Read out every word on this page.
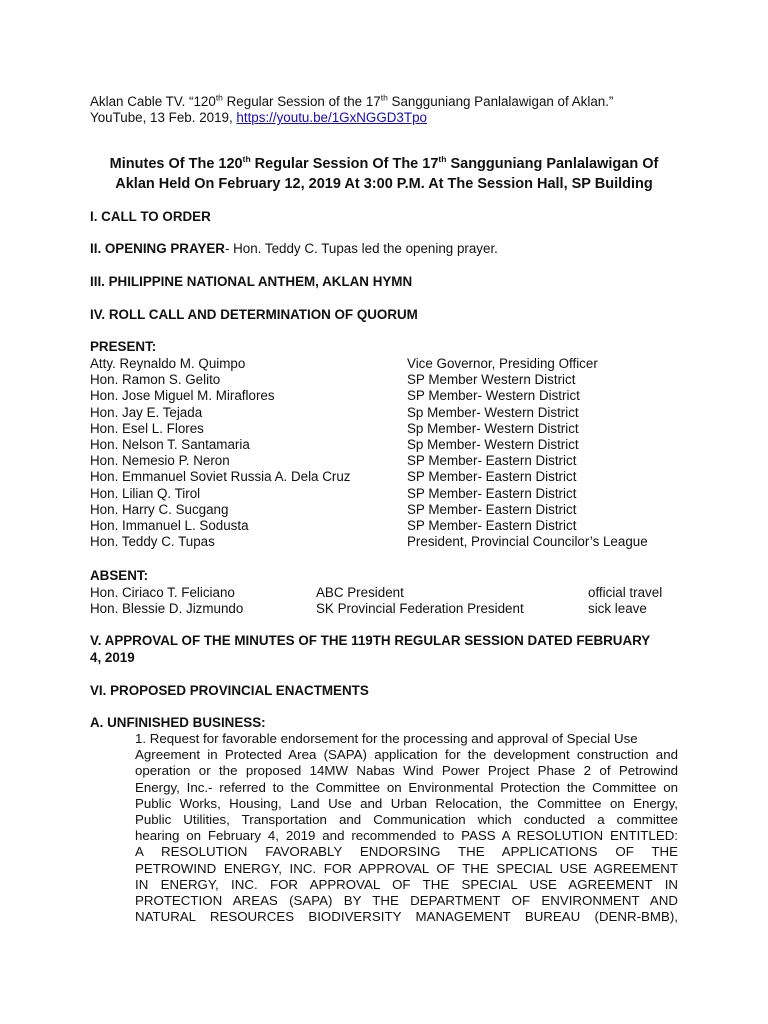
Aklan Cable TV. “120th Regular Session of the 17th Sangguniang Panlalawigan of Aklan.”
YouTube, 13 Feb. 2019, https://youtu.be/1GxNGGD3Tpo
Minutes Of The 120th Regular Session Of The 17th Sangguniang Panlalawigan Of
Aklan Held On February 12, 2019 At 3:00 P.M. At The Session Hall, SP Building
I. CALL TO ORDER
II. OPENING PRAYER- Hon. Teddy C. Tupas led the opening prayer.
III. PHILIPPINE NATIONAL ANTHEM, AKLAN HYMN
IV. ROLL CALL AND DETERMINATION OF QUORUM
PRESENT:
Atty. Reynaldo M. Quimpo	Vice Governor, Presiding Officer
Hon. Ramon S. Gelito	SP Member Western District
Hon. Jose Miguel M. Miraflores	SP Member- Western District
Hon. Jay E. Tejada	Sp Member- Western District
Hon. Esel L. Flores	Sp Member- Western District
Hon. Nelson T. Santamaria	Sp Member- Western District
Hon. Nemesio P. Neron	SP Member- Eastern District
Hon. Emmanuel Soviet Russia A. Dela Cruz	SP Member- Eastern District
Hon. Lilian Q. Tirol	SP Member- Eastern District
Hon. Harry C. Sucgang	SP Member- Eastern District
Hon. Immanuel L. Sodusta	SP Member- Eastern District
Hon. Teddy C. Tupas	President, Provincial Councilor’s League
ABSENT:
Hon. Ciriaco T. Feliciano	ABC President	official travel
Hon. Blessie D. Jizmundo	SK Provincial Federation President	sick leave
V. APPROVAL OF THE MINUTES OF THE 119TH REGULAR SESSION DATED FEBRUARY
4, 2019
VI. PROPOSED PROVINCIAL ENACTMENTS
A. UNFINISHED BUSINESS:
1. Request for favorable endorsement for the processing and approval of Special Use
Agreement in Protected Area (SAPA) application for the development construction and
operation or the proposed 14MW Nabas Wind Power Project Phase 2 of Petrowind
Energy, Inc.- referred to the Committee on Environmental Protection the Committee on
Public Works, Housing, Land Use and Urban Relocation, the Committee on Energy,
Public Utilities, Transportation and Communication which conducted a committee
hearing on February 4, 2019 and recommended to PASS A RESOLUTION ENTITLED:
A RESOLUTION FAVORABLY ENDORSING THE APPLICATIONS OF THE
PETROWIND ENERGY, INC. FOR APPROVAL OF THE SPECIAL USE AGREEMENT
IN ENERGY, INC. FOR APPROVAL OF THE SPECIAL USE AGREEMENT IN
PROTECTION AREAS (SAPA) BY THE DEPARTMENT OF ENVIRONMENT AND
NATURAL RESOURCES BIODIVERSITY MANAGEMENT BUREAU (DENR-BMB),
